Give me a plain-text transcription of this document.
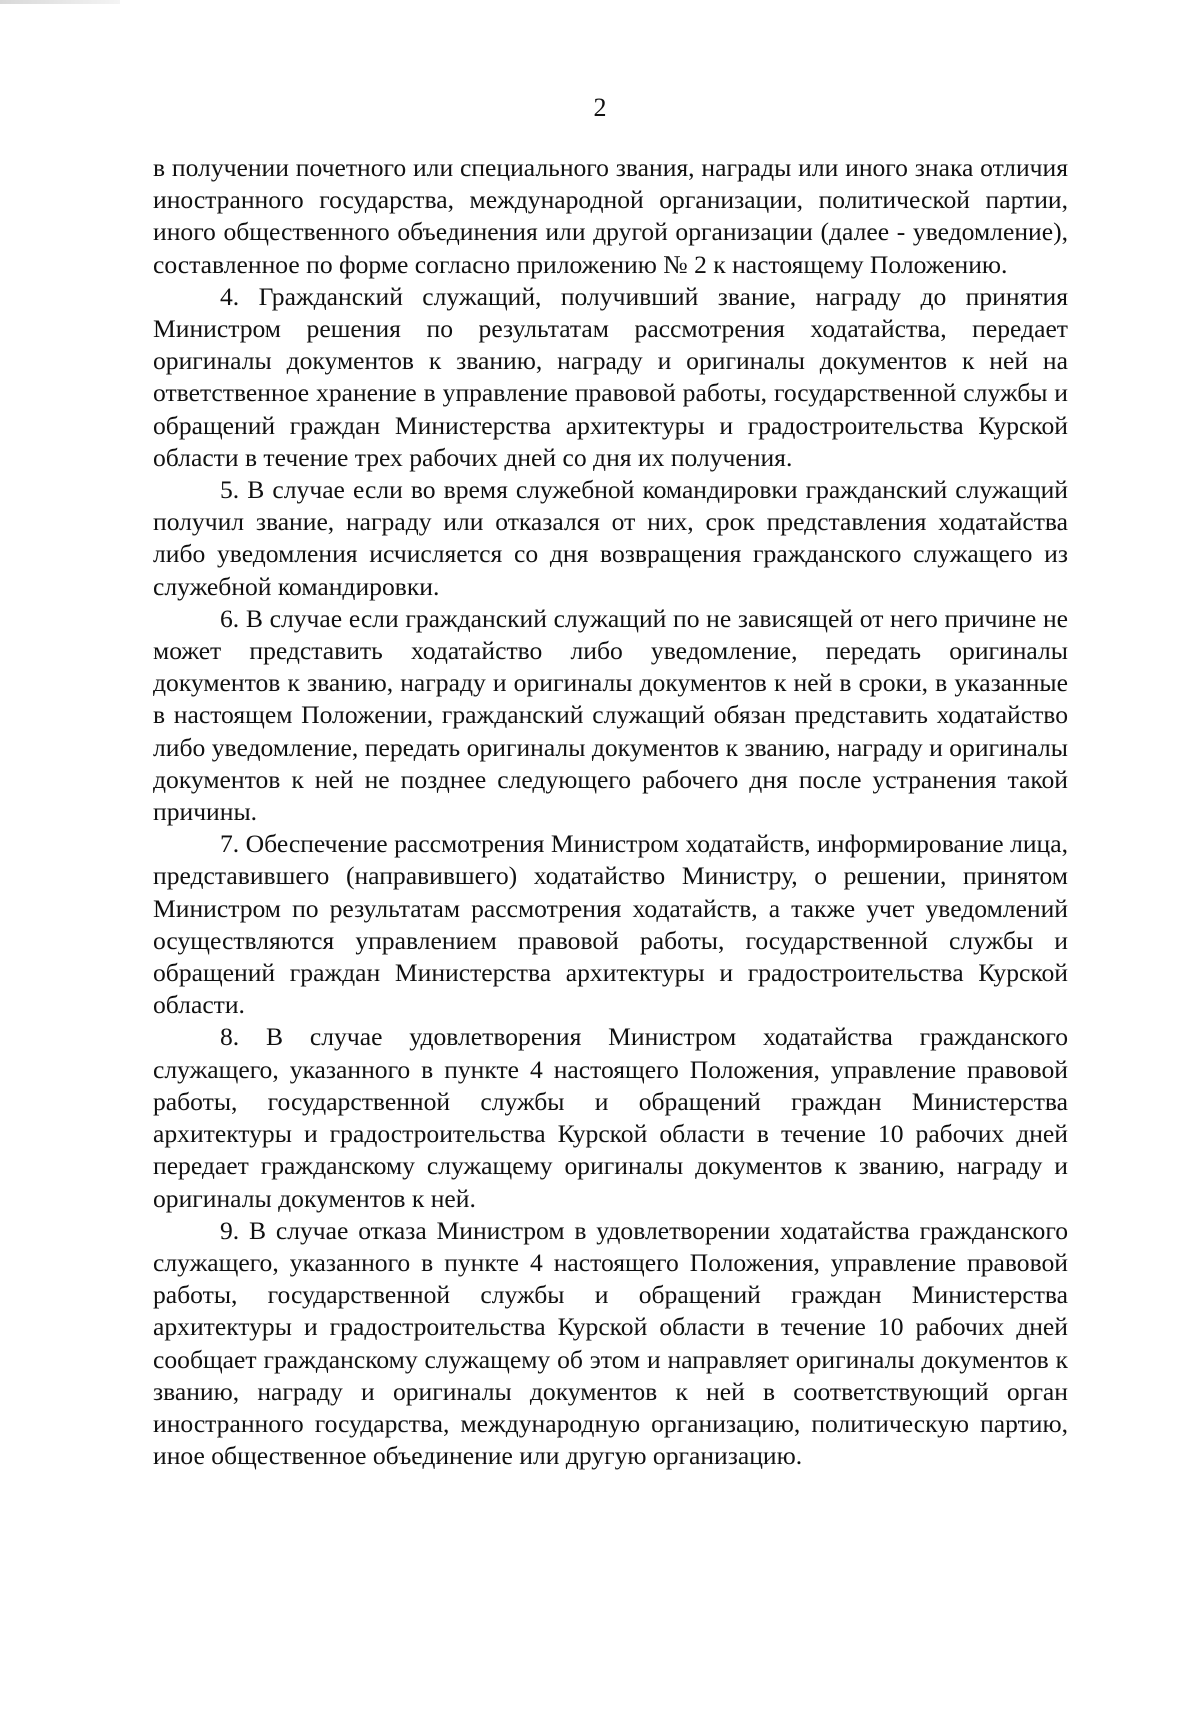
2

в получении почетного или специального звания, награды или иного знака отличия иностранного государства, международной организации, политической партии, иного общественного объединения или другой организации (далее - уведомление), составленное по форме согласно приложению № 2 к настоящему Положению.

4. Гражданский служащий, получивший звание, награду до принятия Министром решения по результатам рассмотрения ходатайства, передает оригиналы документов к званию, награду и оригиналы документов к ней на ответственное хранение в управление правовой работы, государственной службы и обращений граждан Министерства архитектуры и градостроительства Курской области в течение трех рабочих дней со дня их получения.

5. В случае если во время служебной командировки гражданский служащий получил звание, награду или отказался от них, срок представления ходатайства либо уведомления исчисляется со дня возвращения гражданского служащего из служебной командировки.

6. В случае если гражданский служащий по не зависящей от него причине не может представить ходатайство либо уведомление, передать оригиналы документов к званию, награду и оригиналы документов к ней в сроки, в указанные в настоящем Положении, гражданский служащий обязан представить ходатайство либо уведомление, передать оригиналы документов к званию, награду и оригиналы документов к ней не позднее следующего рабочего дня после устранения такой причины.

7. Обеспечение рассмотрения Министром ходатайств, информирование лица, представившего (направившего) ходатайство Министру, о решении, принятом Министром по результатам рассмотрения ходатайств, а также учет уведомлений осуществляются управлением правовой работы, государственной службы и обращений граждан Министерства архитектуры и градостроительства Курской области.

8. В случае удовлетворения Министром ходатайства гражданского служащего, указанного в пункте 4 настоящего Положения, управление правовой работы, государственной службы и обращений граждан Министерства архитектуры и градостроительства Курской области в течение 10 рабочих дней передает гражданскому служащему оригиналы документов к званию, награду и оригиналы документов к ней.

9. В случае отказа Министром в удовлетворении ходатайства гражданского служащего, указанного в пункте 4 настоящего Положения, управление правовой работы, государственной службы и обращений граждан Министерства архитектуры и градостроительства Курской области в течение 10 рабочих дней сообщает гражданскому служащему об этом и направляет оригиналы документов к званию, награду и оригиналы документов к ней в соответствующий орган иностранного государства, международную организацию, политическую партию, иное общественное объединение или другую организацию.
